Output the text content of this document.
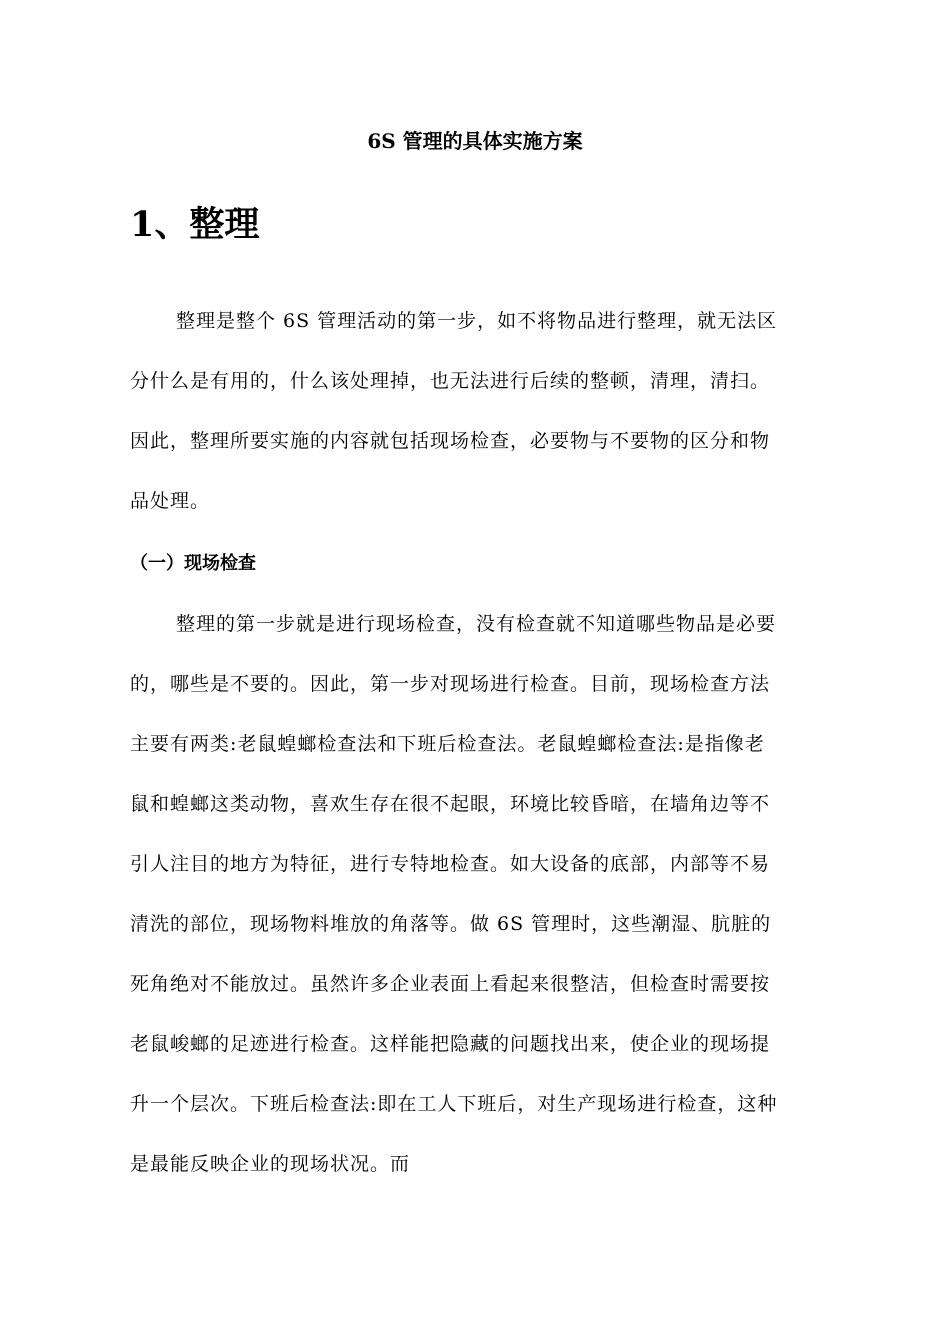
6S 管理的具体实施方案
1、整理
整理是整个 6S 管理活动的第一步，如不将物品进行整理，就无法区
分什么是有用的，什么该处理掉，也无法进行后续的整顿，清理，清扫。
因此，整理所要实施的内容就包括现场检查，必要物与不要物的区分和物
品处理。
（一）现场检查
整理的第一步就是进行现场检查，没有检查就不知道哪些物品是必要
的，哪些是不要的。因此，第一步对现场进行检查。目前，现场检查方法
主要有两类:老鼠蝗螂检查法和下班后检查法。老鼠蝗螂检查法:是指像老
鼠和蝗螂这类动物，喜欢生存在很不起眼，环境比较昏暗，在墙角边等不
引人注目的地方为特征，进行专特地检查。如大设备的底部，内部等不易
清洗的部位，现场物料堆放的角落等。做 6S 管理时，这些潮湿、肮脏的
死角绝对不能放过。虽然许多企业表面上看起来很整洁，但检查时需要按
老鼠峻螂的足迹进行检查。这样能把隐藏的问题找出来，使企业的现场提
升一个层次。下班后检查法:即在工人下班后，对生产现场进行检查，这种
是最能反映企业的现场状况。而
